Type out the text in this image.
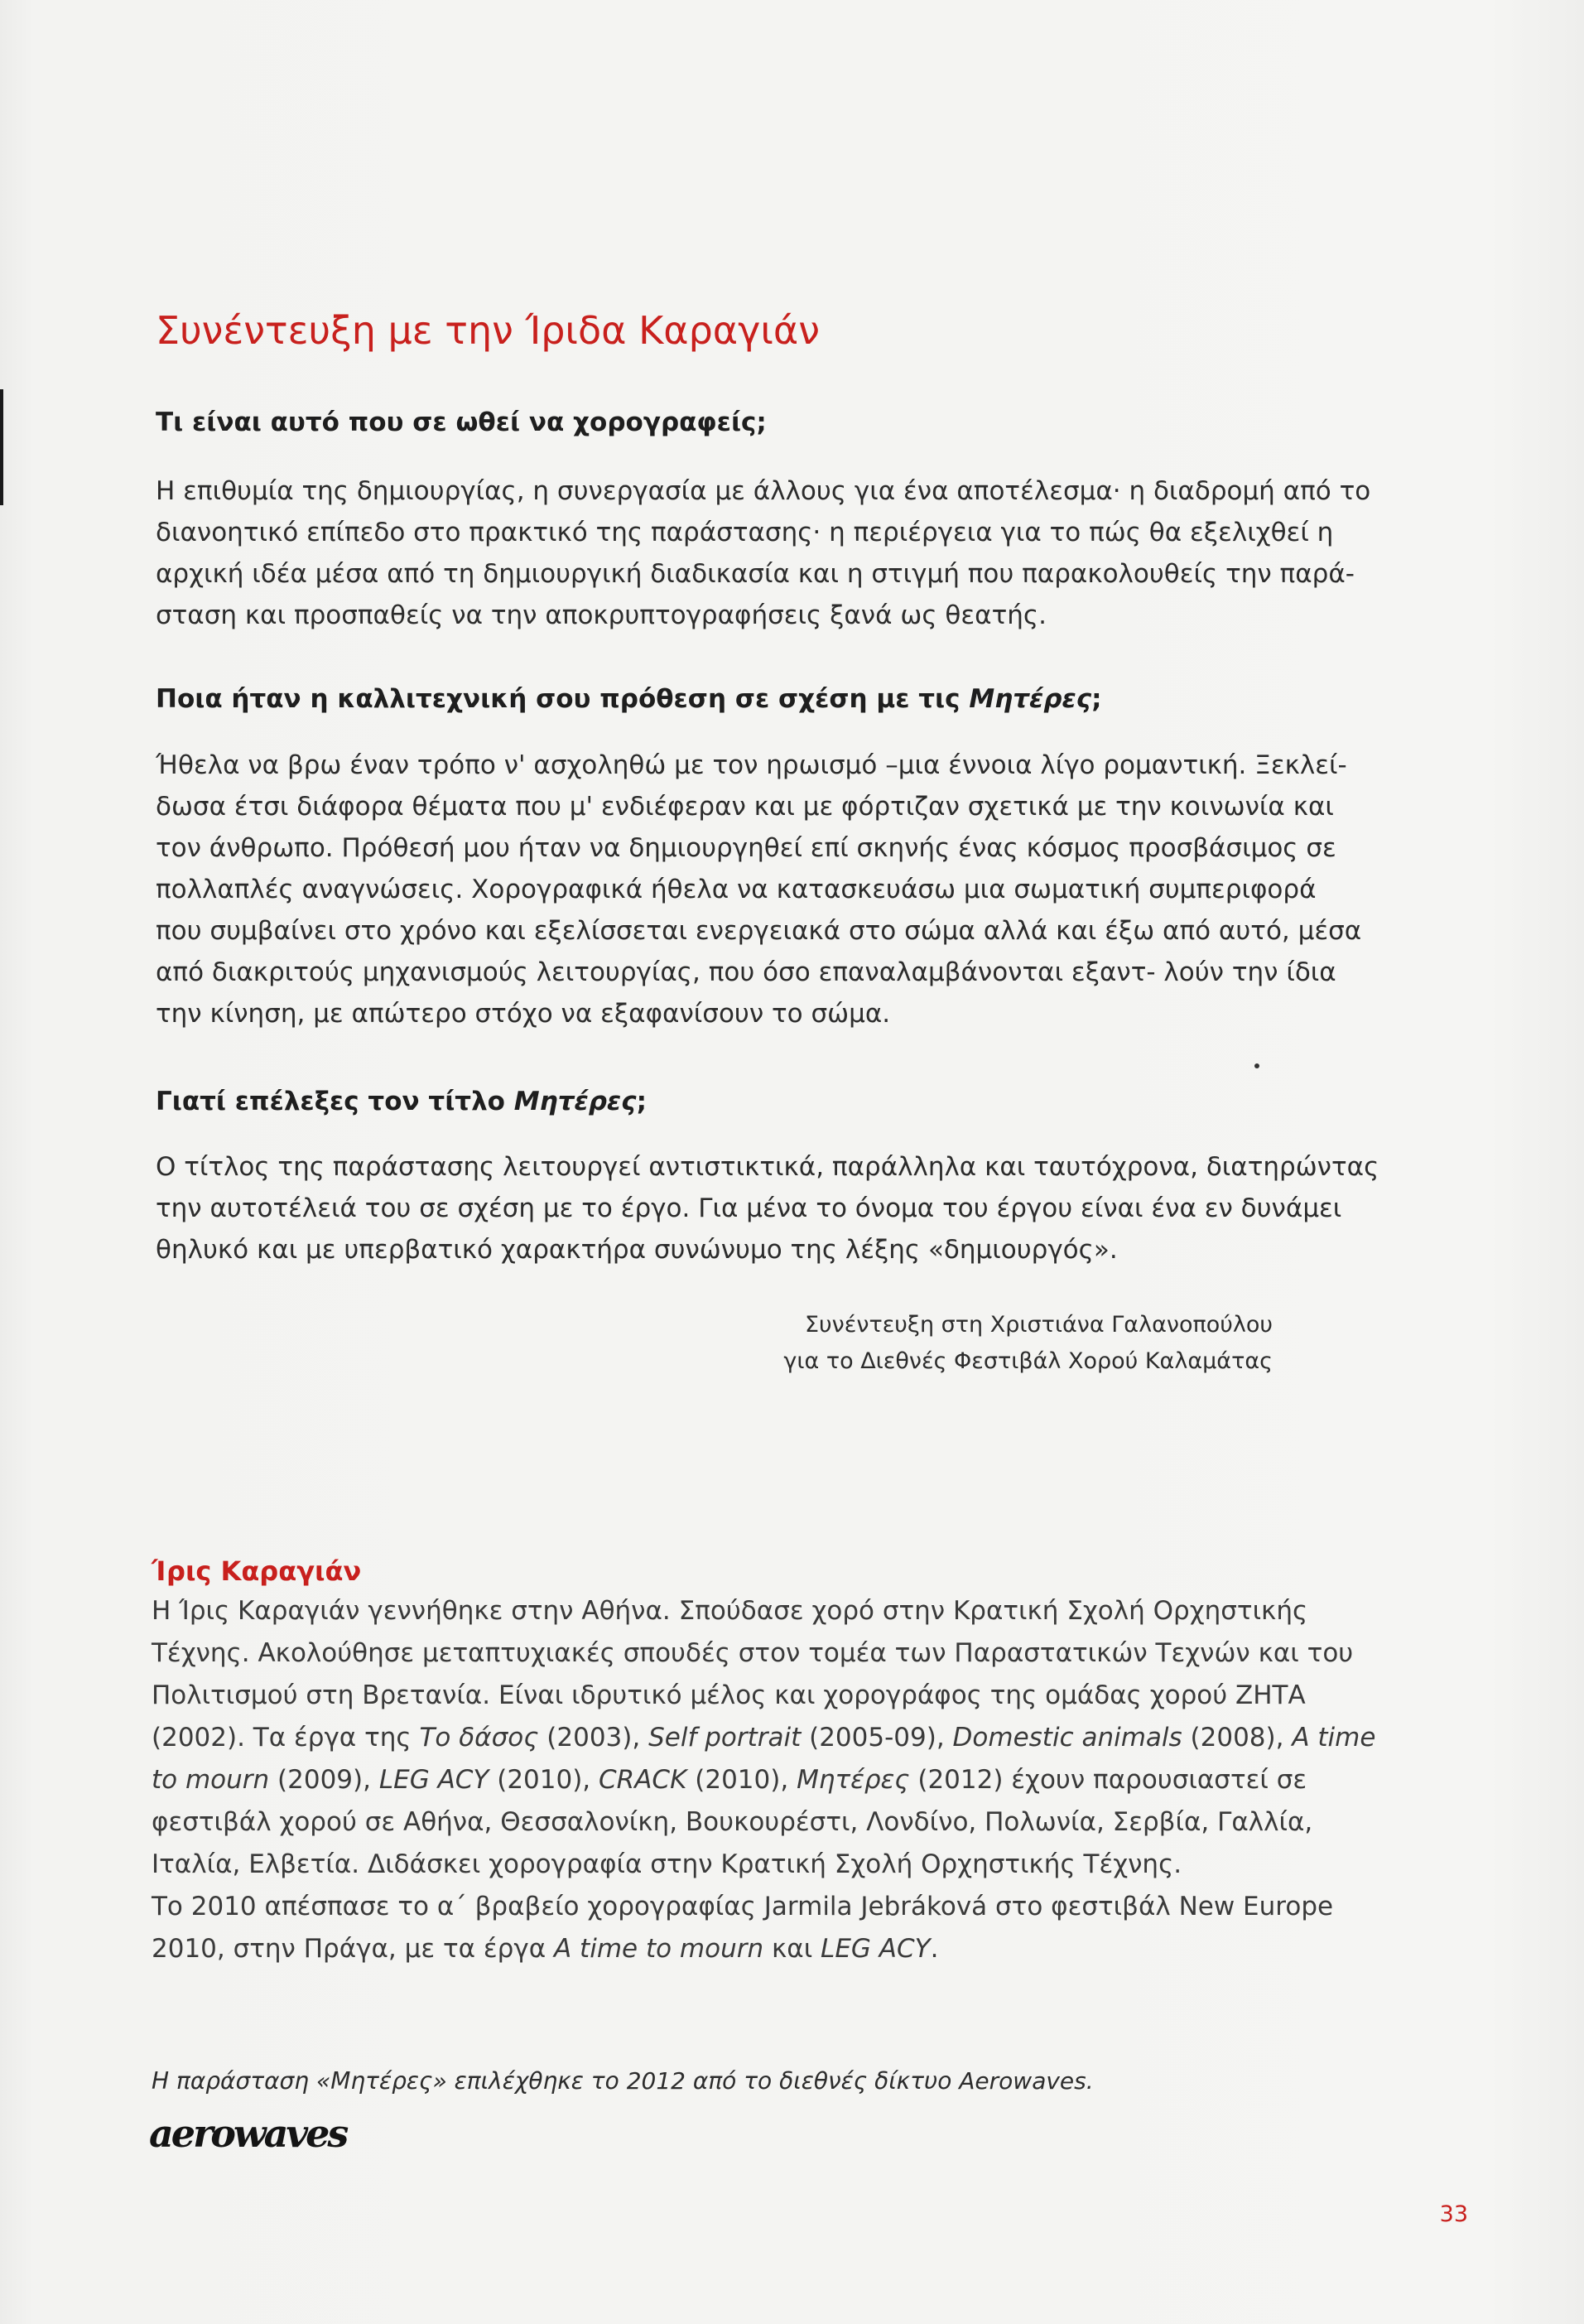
Συνέντευξη με την Ίριδα Καραγιάν

Τι είναι αυτό που σε ωθεί να χορογραφείς;

Η επιθυμία της δημιουργίας, η συνεργασία με άλλους για ένα αποτέλεσμα· η διαδρομή από το
διανοητικό επίπεδο στο πρακτικό της παράστασης· η περιέργεια για το πώς θα εξελιχθεί η
αρχική ιδέα μέσα από τη δημιουργική διαδικασία και η στιγμή που παρακολουθείς την παρά-
σταση και προσπαθείς να την αποκρυπτογραφήσεις ξανά ως θεατής.

Ποια ήταν η καλλιτεχνική σου πρόθεση σε σχέση με τις Μητέρες;

Ήθελα να βρω έναν τρόπο ν' ασχοληθώ με τον ηρωισμό –μια έννοια λίγο ρομαντική. Ξεκλεί-
δωσα έτσι διάφορα θέματα που μ' ενδιέφεραν και με φόρτιζαν σχετικά με την κοινωνία και
τον άνθρωπο. Πρόθεσή μου ήταν να δημιουργηθεί επί σκηνής ένας κόσμος προσβάσιμος σε
πολλαπλές αναγνώσεις. Χορογραφικά ήθελα να κατασκευάσω μια σωματική συμπεριφορά
που συμβαίνει στο χρόνο και εξελίσσεται ενεργειακά στο σώμα αλλά και έξω από αυτό, μέσα
από διακριτούς μηχανισμούς λειτουργίας, που όσο επαναλαμβάνονται εξαντ- λούν την ίδια
την κίνηση, με απώτερο στόχο να εξαφανίσουν το σώμα.

Γιατί επέλεξες τον τίτλο Μητέρες;

Ο τίτλος της παράστασης λειτουργεί αντιστικτικά, παράλληλα και ταυτόχρονα, διατηρώντας
την αυτοτέλειά του σε σχέση με το έργο. Για μένα το όνομα του έργου είναι ένα εν δυνάμει
θηλυκό και με υπερβατικό χαρακτήρα συνώνυμο της λέξης «δημιουργός».
Συνέντευξη στη Χριστιάνα Γαλανοπούλου
για το Διεθνές Φεστιβάλ Χορού Καλαμάτας
Ίρις Καραγιάν
Η Ίρις Καραγιάν γεννήθηκε στην Αθήνα. Σπούδασε χορό στην Κρατική Σχολή Ορχηστικής
Τέχνης. Ακολούθησε μεταπτυχιακές σπουδές στον τομέα των Παραστατικών Τεχνών και του
Πολιτισμού στη Βρετανία. Είναι ιδρυτικό μέλος και χορογράφος της ομάδας χορού ΖΗΤΑ
(2002). Τα έργα της Το δάσος (2003), Self portrait (2005-09), Domestic animals (2008), A time
to mourn (2009), LEG ACY (2010), CRACK (2010), Μητέρες (2012) έχουν παρουσιαστεί σε
φεστιβάλ χορού σε Αθήνα, Θεσσαλονίκη, Βουκουρέστι, Λονδίνο, Πολωνία, Σερβία, Γαλλία,
Ιταλία, Ελβετία. Διδάσκει χορογραφία στην Κρατική Σχολή Ορχηστικής Τέχνης.
Το 2010 απέσπασε το α΄ βραβείο χορογραφίας Jarmila Jebráková στο φεστιβάλ New Europe
2010, στην Πράγα, με τα έργα A time to mourn και LEG ACY.

Η παράσταση «Μητέρες» επιλέχθηκε το 2012 από το διεθνές δίκτυο Aerowaves.

aerowaves

33
